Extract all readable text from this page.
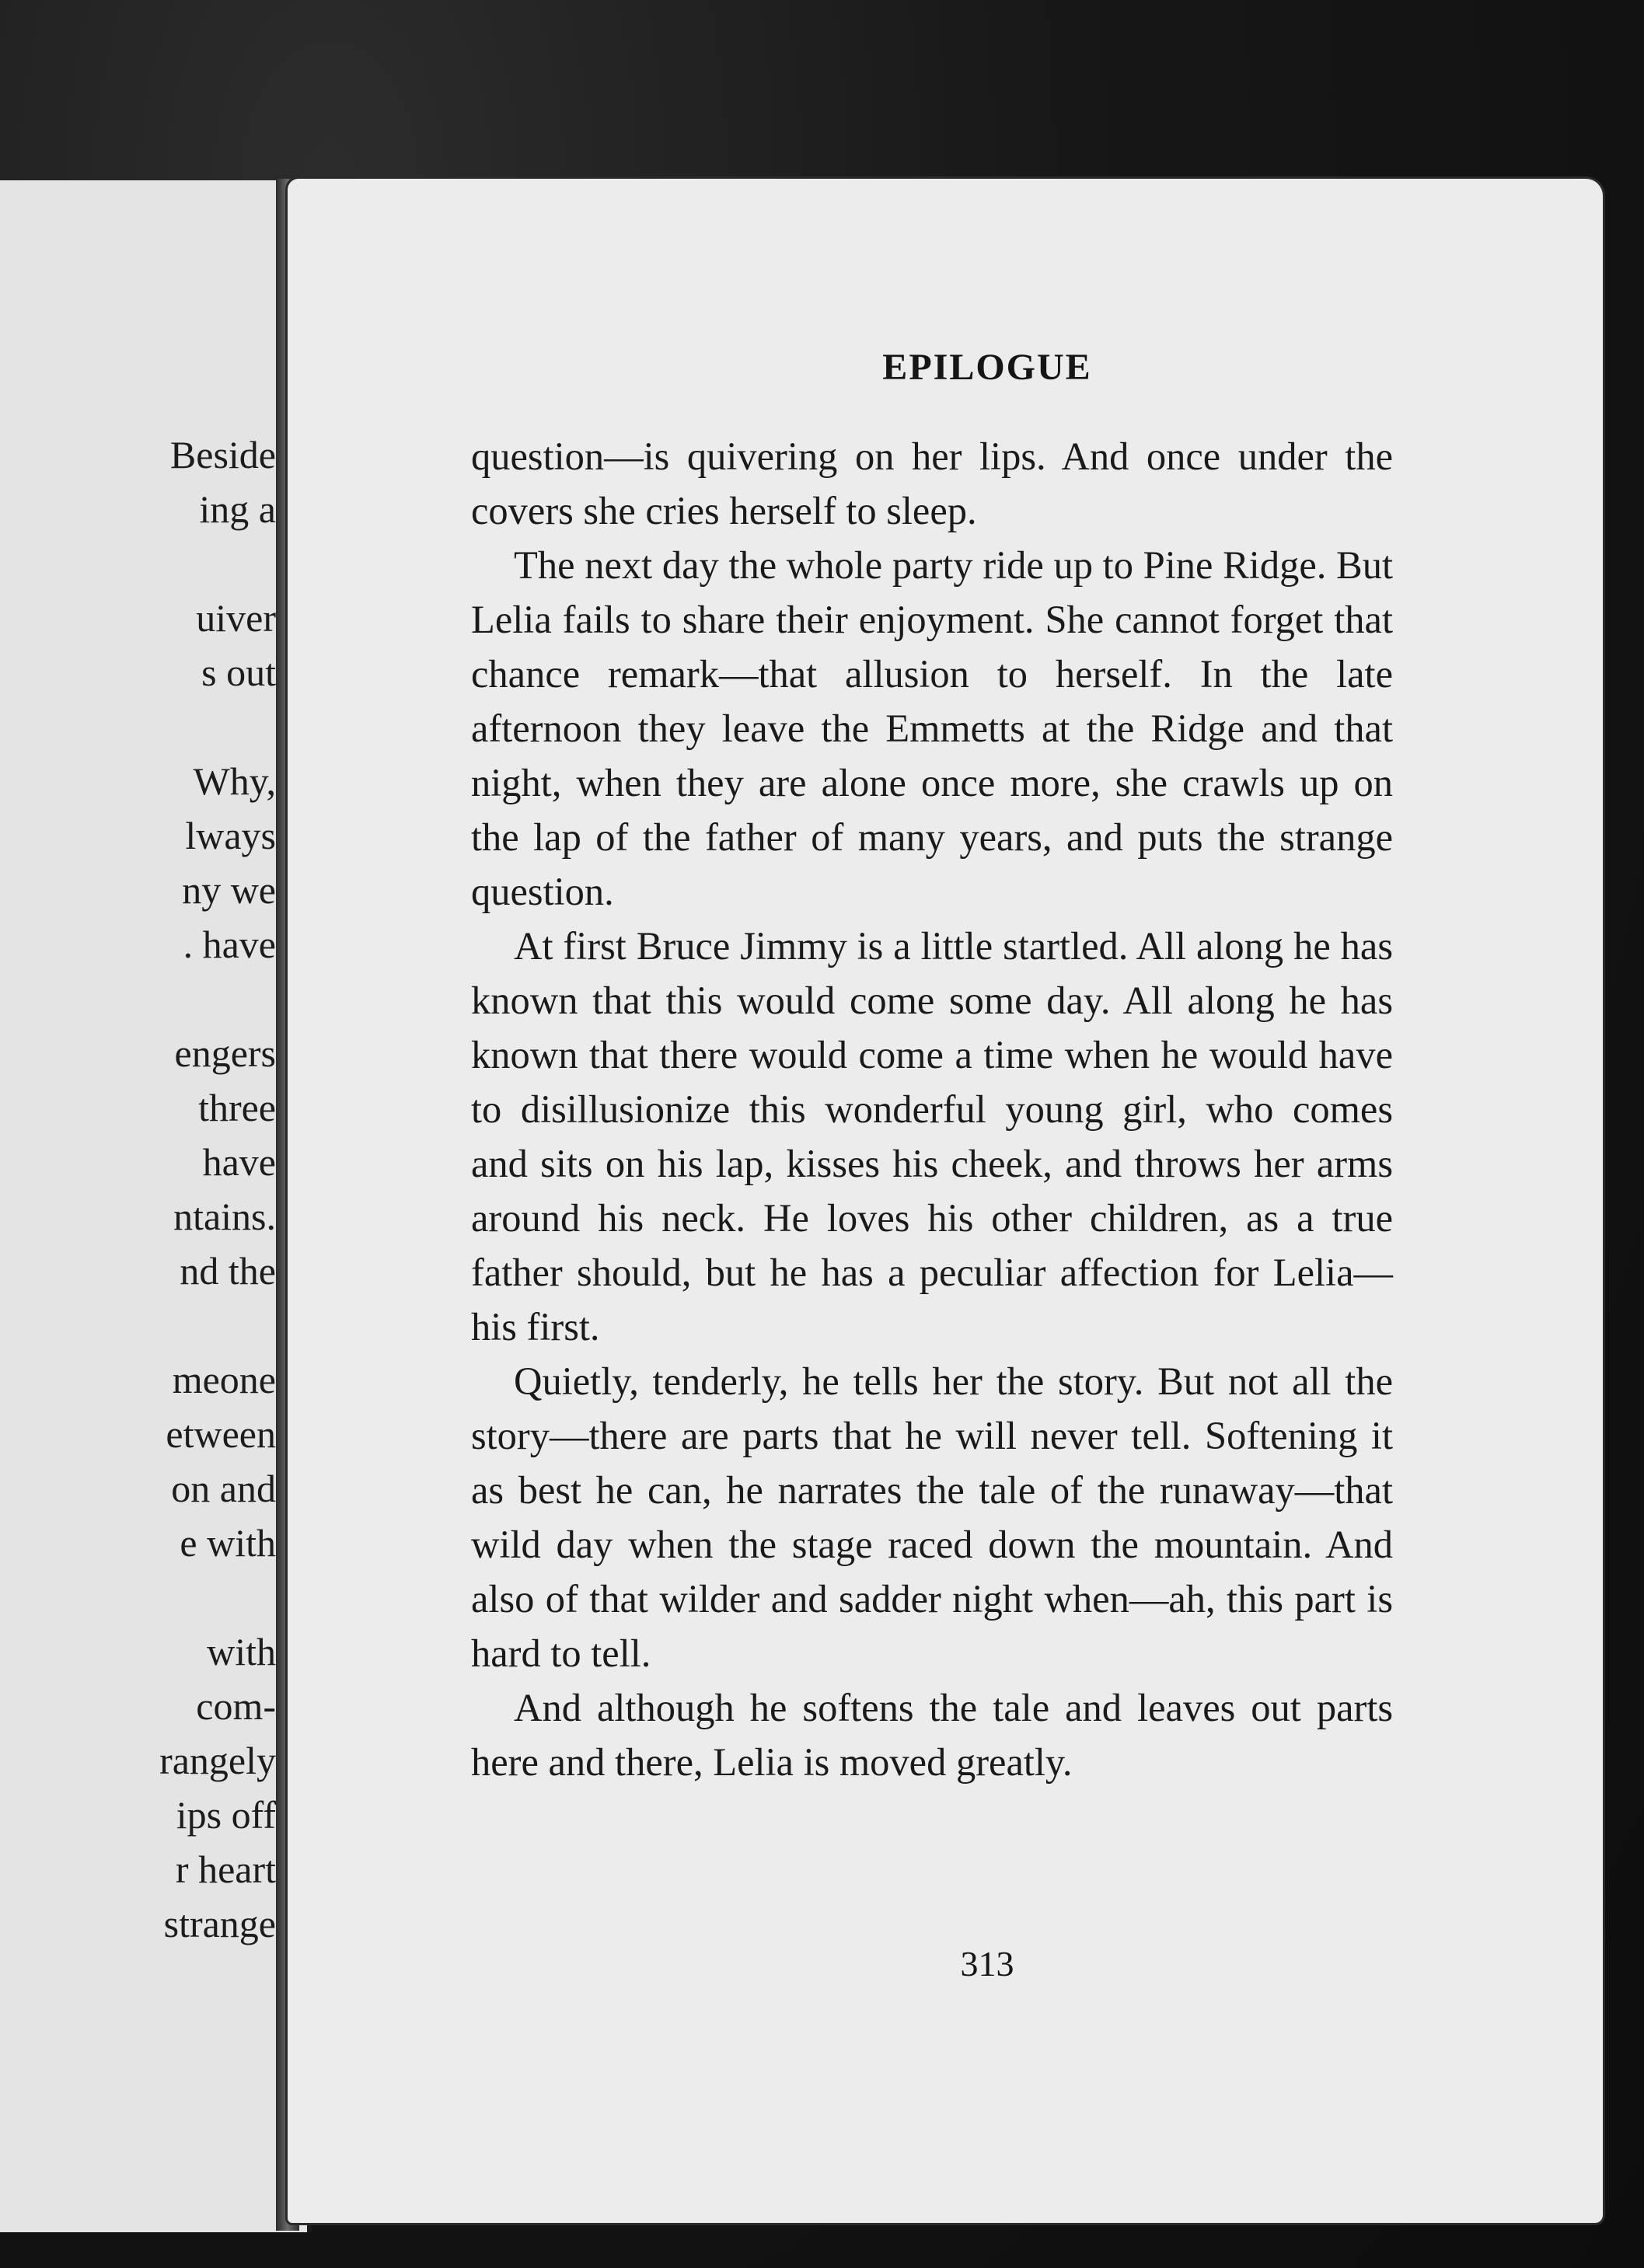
Beside
ing a
uiver
s out
Why,
lways
ny we
. have
engers
three
have
ntains.
nd the
meone
etween
on and
e with
with
com-
rangely
ips off
r heart
strange
EPILOGUE

question—is quivering on her lips. And once under the covers she cries herself to sleep.

The next day the whole party ride up to Pine Ridge. But Lelia fails to share their enjoyment. She cannot forget that chance remark—that allusion to herself. In the late afternoon they leave the Emmetts at the Ridge and that night, when they are alone once more, she crawls up on the lap of the father of many years, and puts the strange question.

At first Bruce Jimmy is a little startled. All along he has known that this would come some day. All along he has known that there would come a time when he would have to disillusionize this wonderful young girl, who comes and sits on his lap, kisses his cheek, and throws her arms around his neck. He loves his other children, as a true father should, but he has a peculiar affection for Lelia—his first.

Quietly, tenderly, he tells her the story. But not all the story—there are parts that he will never tell. Softening it as best he can, he narrates the tale of the runaway—that wild day when the stage raced down the mountain. And also of that wilder and sadder night when—ah, this part is hard to tell.

And although he softens the tale and leaves out parts here and there, Lelia is moved greatly.

313
